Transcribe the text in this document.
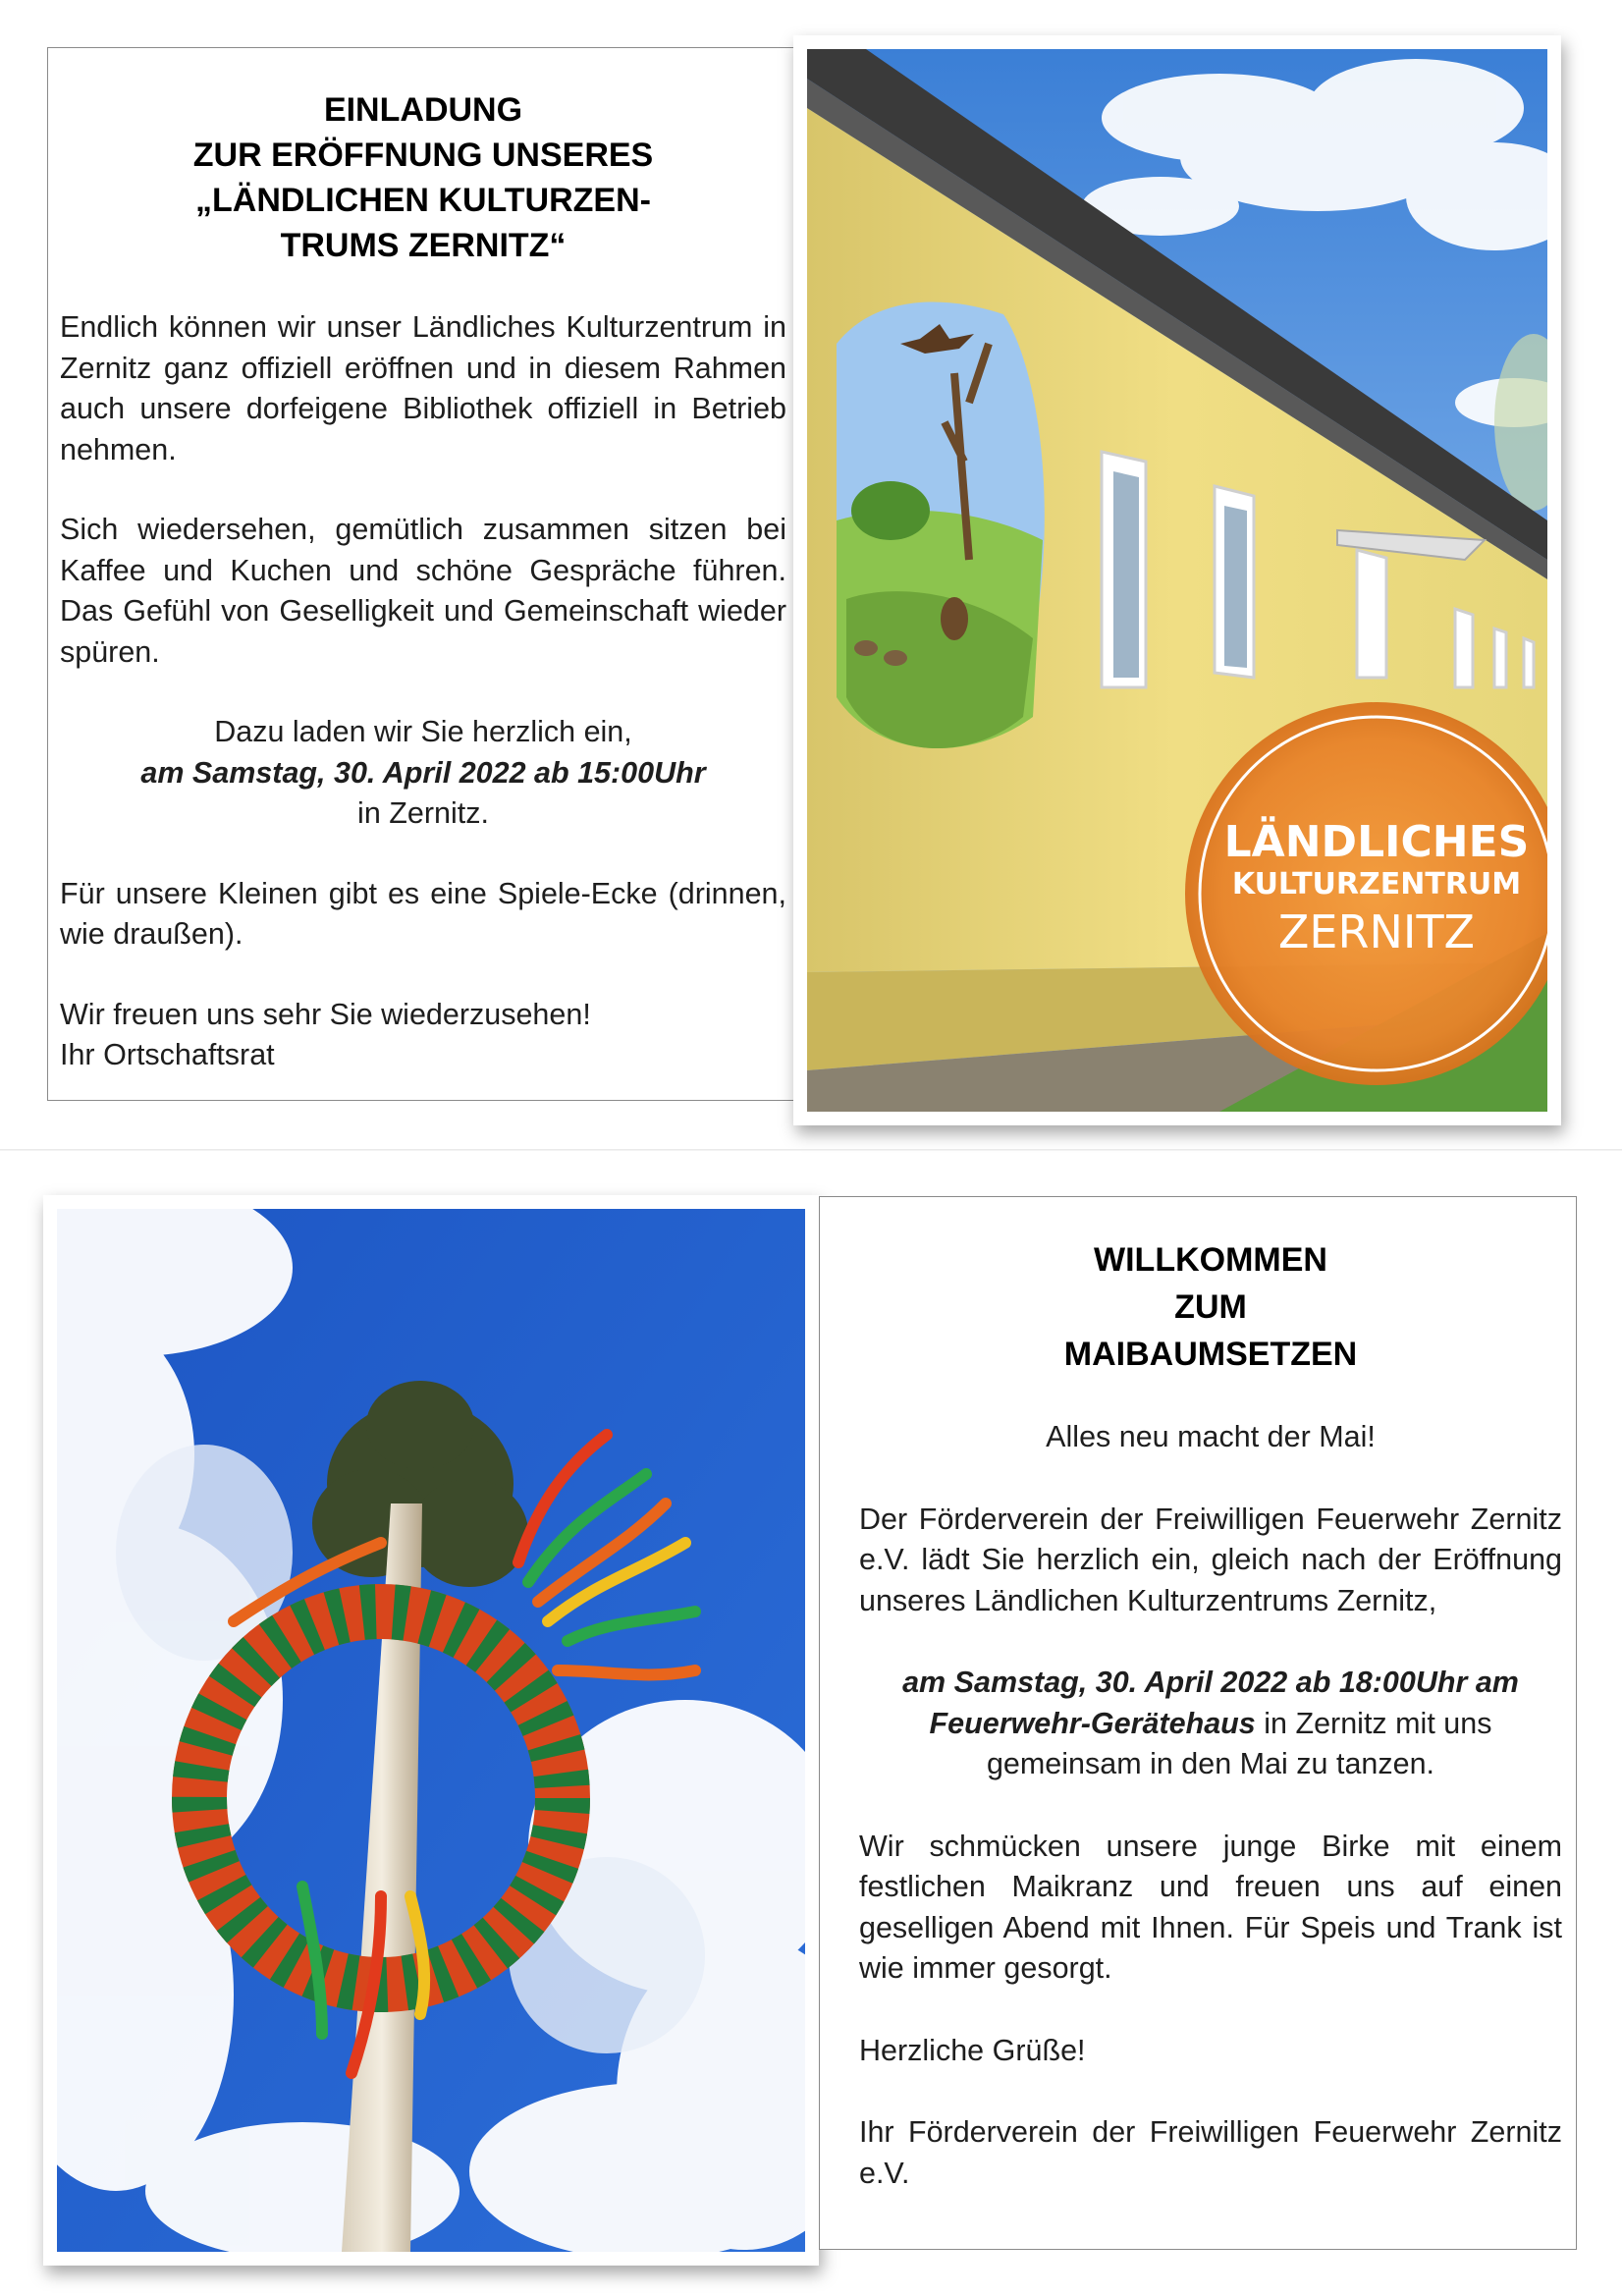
EINLADUNG
ZUR ERÖFFNUNG UNSERES
„LÄNDLICHEN KULTURZEN-
TRUMS ZERNITZ“

Endlich können wir unser Ländliches Kulturzentrum in Zernitz ganz offiziell eröffnen und in diesem Rahmen auch unsere dorfeigene Bibliothek offiziell in Betrieb nehmen.

Sich wiedersehen, gemütlich zusammen sitzen bei Kaffee und Kuchen und schöne Gespräche führen. Das Gefühl von Geselligkeit und Gemeinschaft wieder spüren.

Dazu laden wir Sie herzlich ein,
am Samstag, 30. April 2022 ab 15:00Uhr
in Zernitz.

Für unsere Kleinen gibt es eine Spiele-Ecke (drinnen, wie draußen).

Wir freuen uns sehr Sie wiederzusehen!
Ihr Ortschaftsrat

LÄNDLICHES
KULTURZENTRUM
ZERNITZ
WILLKOMMEN
ZUM
MAIBAUMSETZEN

Alles neu macht der Mai!

Der Förderverein der Freiwilligen Feuerwehr Zernitz e.V. lädt Sie herzlich ein, gleich nach der Eröffnung unseres Ländlichen Kulturzentrums Zernitz,

am Samstag, 30. April 2022 ab 18:00Uhr am Feuerwehr-Gerätehaus in Zernitz mit uns gemeinsam in den Mai zu tanzen.

Wir schmücken unsere junge Birke mit einem festlichen Maikranz und freuen uns auf einen geselligen Abend mit Ihnen. Für Speis und Trank ist wie immer gesorgt.

Herzliche Grüße!

Ihr Förderverein der Freiwilligen Feuerwehr Zernitz e.V.
